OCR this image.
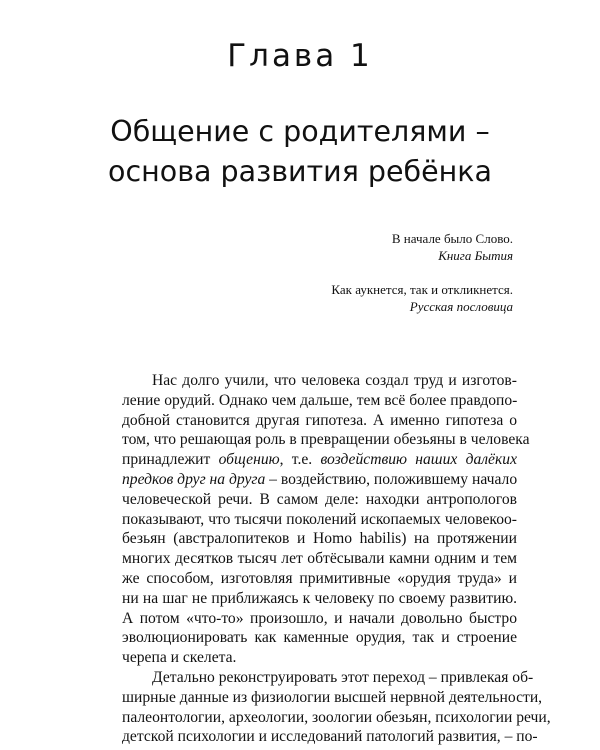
Глава 1
Общение с родителями –
основа развития ребёнка
В начале было Слово.
Книга Бытия
Как аукнется, так и откликнется.
Русская пословица
Нас долго учили, что человека создал труд и изготов-
ление орудий. Однако чем дальше, тем всё более правдопо-
добной становится другая гипотеза. А именно гипотеза о
том, что решающая роль в превращении обезьяны в человека
принадлежит общению, т.е. воздействию наших далёких
предков друг на друга – воздействию, положившему начало
человеческой речи. В самом деле: находки антропологов
показывают, что тысячи поколений ископаемых человекоо-
безьян (австралопитеков и Homo habilis) на протяжении
многих десятков тысяч лет обтёсывали камни одним и тем
же способом, изготовляя примитивные «орудия труда» и
ни на шаг не приближаясь к человеку по своему развитию.
А потом «что-то» произошло, и начали довольно быстро
эволюционировать как каменные орудия, так и строение
черепа и скелета.
Детально реконструировать этот переход – привлекая об-
ширные данные из физиологии высшей нервной деятельности,
палеонтологии, археологии, зоологии обезьян, психологии речи,
детской психологии и исследований патологий развития, – по-
